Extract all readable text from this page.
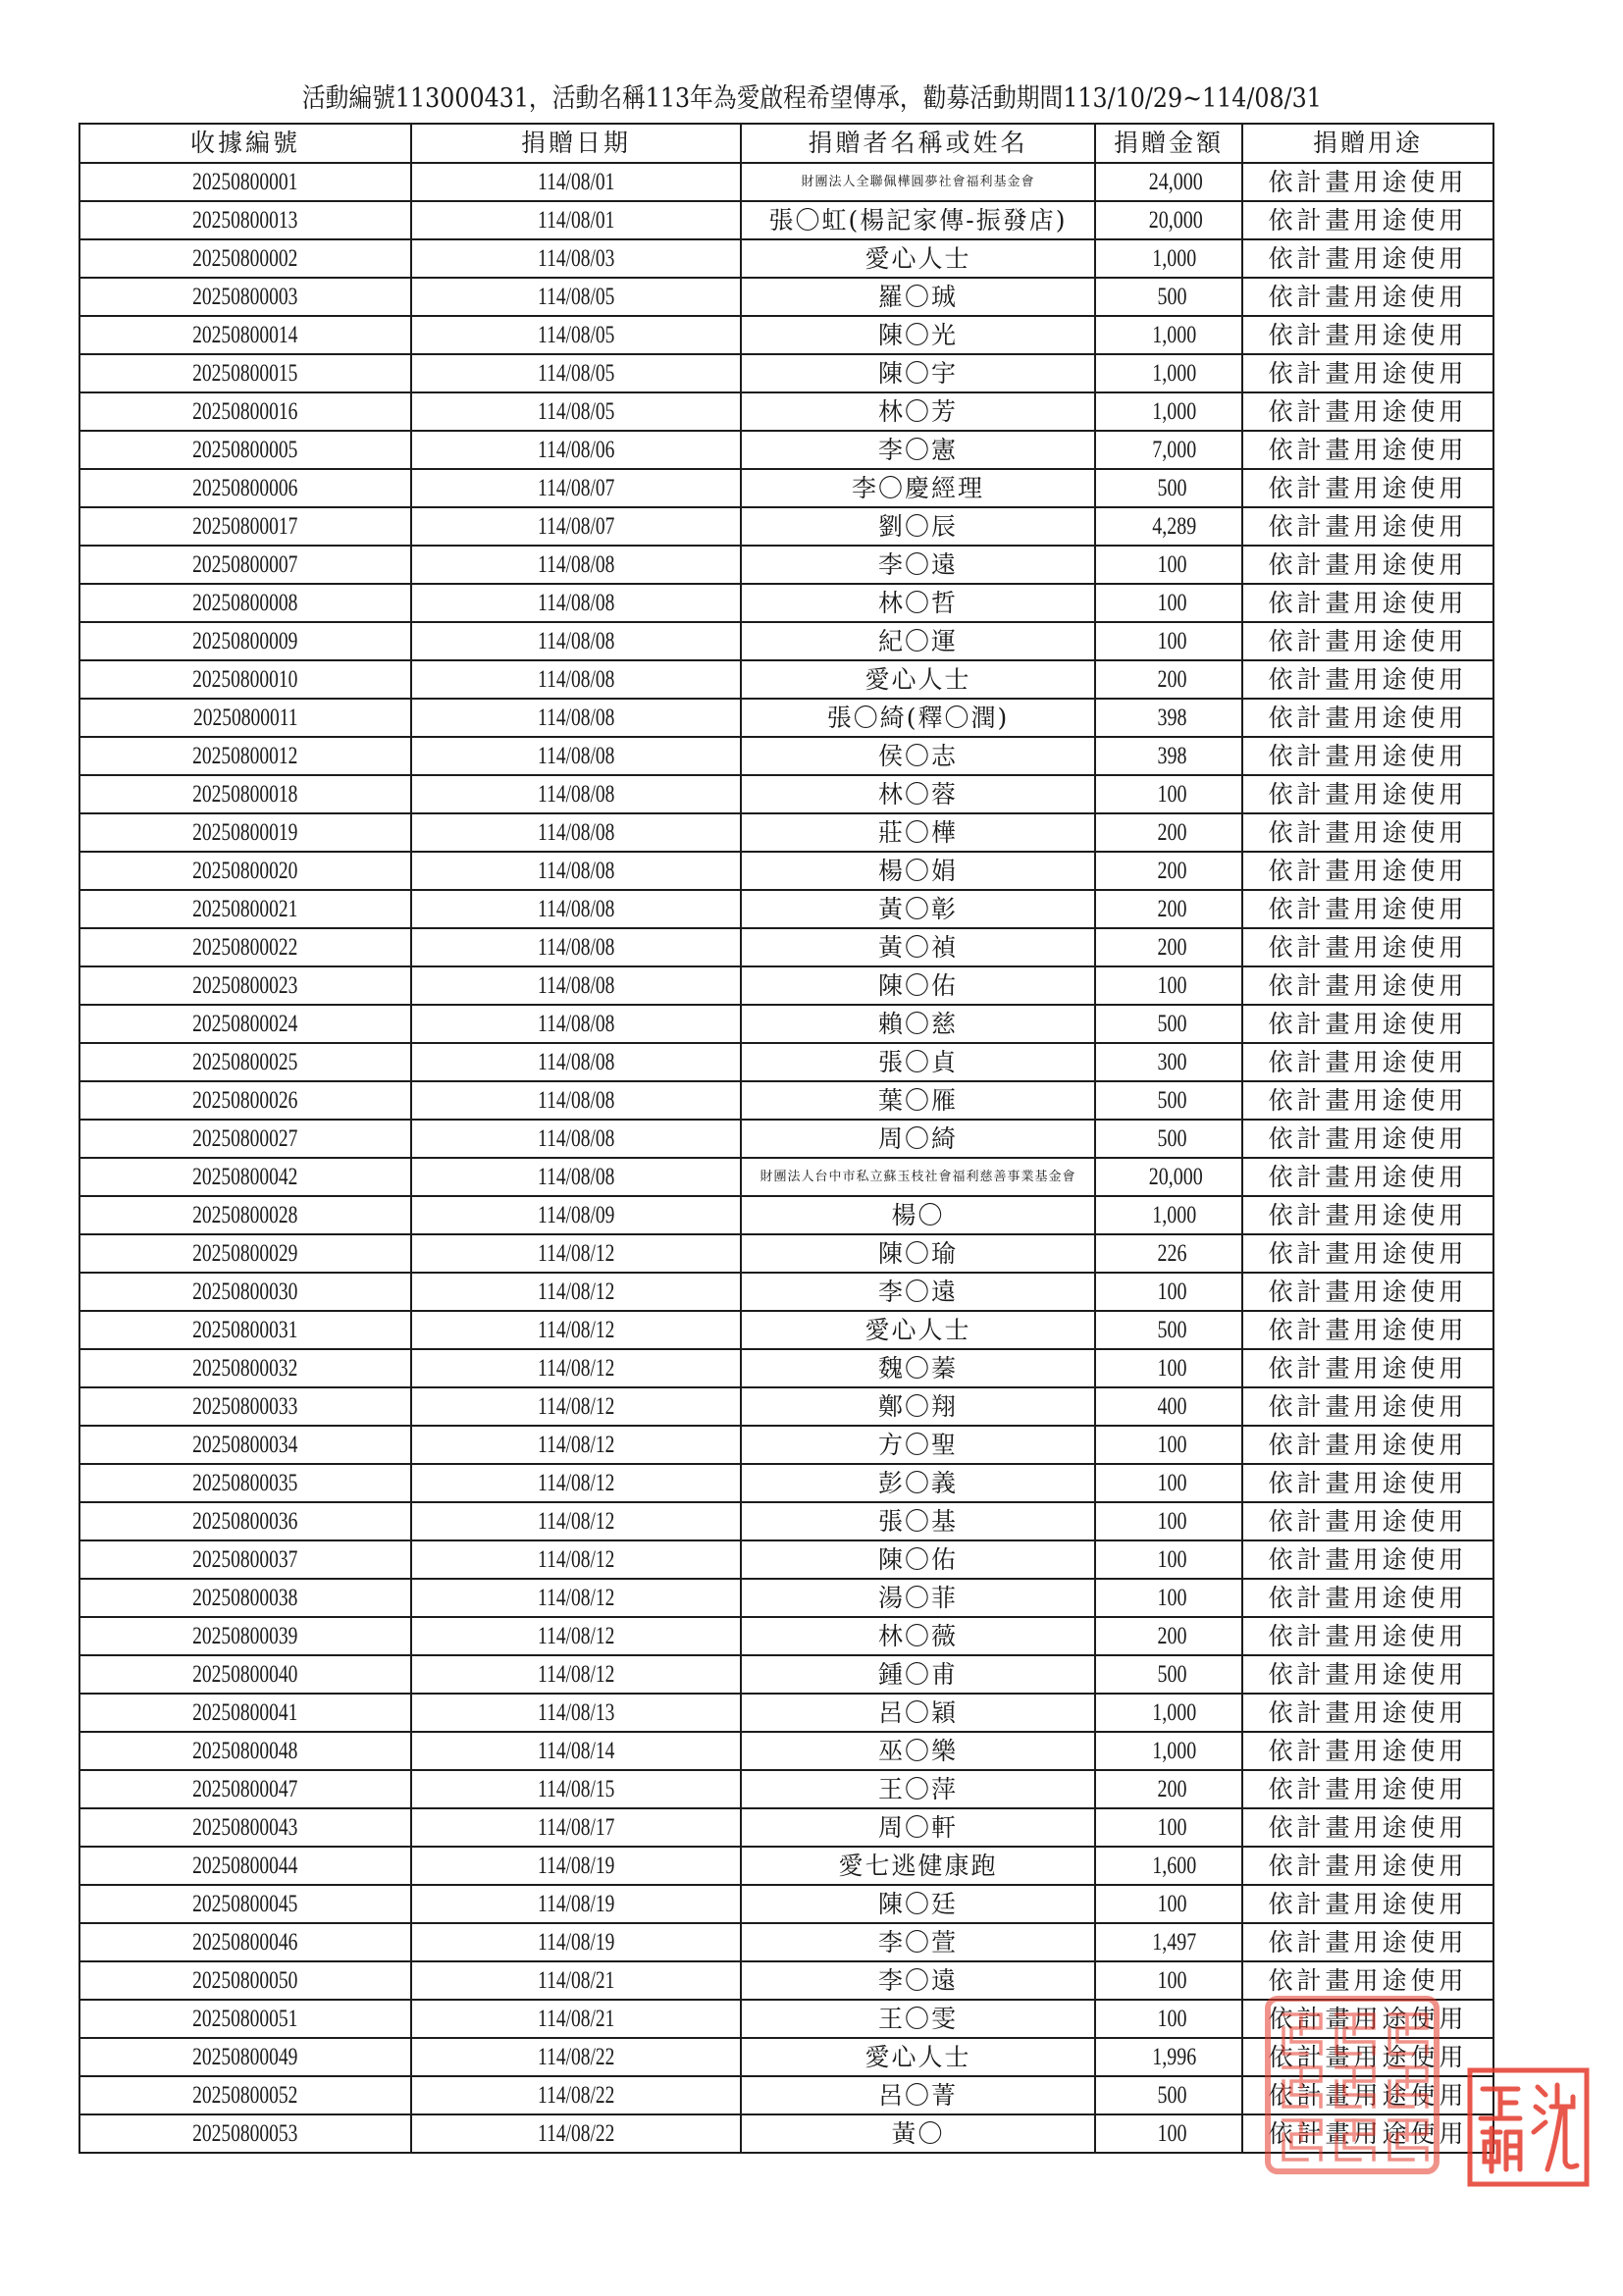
活動編號113000431，活動名稱113年為愛啟程希望傳承，勸募活動期間113/10/29~114/08/31
收據編號	捐贈日期	捐贈者名稱或姓名	捐贈金額	捐贈用途
20250800001	114/08/01	財團法人全聯佩樺圓夢社會福利基金會	24,000	依計畫用途使用
20250800013	114/08/01	張〇虹(楊記家傳-振發店)	20,000	依計畫用途使用
20250800002	114/08/03	愛心人士	1,000	依計畫用途使用
20250800003	114/08/05	羅〇珹	500	依計畫用途使用
20250800014	114/08/05	陳〇光	1,000	依計畫用途使用
20250800015	114/08/05	陳〇宇	1,000	依計畫用途使用
20250800016	114/08/05	林〇芳	1,000	依計畫用途使用
20250800005	114/08/06	李〇憲	7,000	依計畫用途使用
20250800006	114/08/07	李〇慶經理	500	依計畫用途使用
20250800017	114/08/07	劉〇辰	4,289	依計畫用途使用
20250800007	114/08/08	李〇遠	100	依計畫用途使用
20250800008	114/08/08	林〇哲	100	依計畫用途使用
20250800009	114/08/08	紀〇運	100	依計畫用途使用
20250800010	114/08/08	愛心人士	200	依計畫用途使用
20250800011	114/08/08	張〇綺(釋〇潤)	398	依計畫用途使用
20250800012	114/08/08	侯〇志	398	依計畫用途使用
20250800018	114/08/08	林〇蓉	100	依計畫用途使用
20250800019	114/08/08	莊〇樺	200	依計畫用途使用
20250800020	114/08/08	楊〇娟	200	依計畫用途使用
20250800021	114/08/08	黃〇彰	200	依計畫用途使用
20250800022	114/08/08	黃〇禎	200	依計畫用途使用
20250800023	114/08/08	陳〇佑	100	依計畫用途使用
20250800024	114/08/08	賴〇慈	500	依計畫用途使用
20250800025	114/08/08	張〇貞	300	依計畫用途使用
20250800026	114/08/08	葉〇雁	500	依計畫用途使用
20250800027	114/08/08	周〇綺	500	依計畫用途使用
20250800042	114/08/08	財團法人台中市私立蘇玉枝社會福利慈善事業基金會	20,000	依計畫用途使用
20250800028	114/08/09	楊〇	1,000	依計畫用途使用
20250800029	114/08/12	陳〇瑜	226	依計畫用途使用
20250800030	114/08/12	李〇遠	100	依計畫用途使用
20250800031	114/08/12	愛心人士	500	依計畫用途使用
20250800032	114/08/12	魏〇蓁	100	依計畫用途使用
20250800033	114/08/12	鄭〇翔	400	依計畫用途使用
20250800034	114/08/12	方〇聖	100	依計畫用途使用
20250800035	114/08/12	彭〇義	100	依計畫用途使用
20250800036	114/08/12	張〇基	100	依計畫用途使用
20250800037	114/08/12	陳〇佑	100	依計畫用途使用
20250800038	114/08/12	湯〇菲	100	依計畫用途使用
20250800039	114/08/12	林〇薇	200	依計畫用途使用
20250800040	114/08/12	鍾〇甫	500	依計畫用途使用
20250800041	114/08/13	呂〇穎	1,000	依計畫用途使用
20250800048	114/08/14	巫〇樂	1,000	依計畫用途使用
20250800047	114/08/15	王〇萍	200	依計畫用途使用
20250800043	114/08/17	周〇軒	100	依計畫用途使用
20250800044	114/08/19	愛七逃健康跑	1,600	依計畫用途使用
20250800045	114/08/19	陳〇廷	100	依計畫用途使用
20250800046	114/08/19	李〇萱	1,497	依計畫用途使用
20250800050	114/08/21	李〇遠	100	依計畫用途使用
20250800051	114/08/21	王〇雯	100	依計畫用途使用
20250800049	114/08/22	愛心人士	1,996	依計畫用途使用
20250800052	114/08/22	呂〇菁	500	依計畫用途使用
20250800053	114/08/22	黃〇	100	依計畫用途使用
